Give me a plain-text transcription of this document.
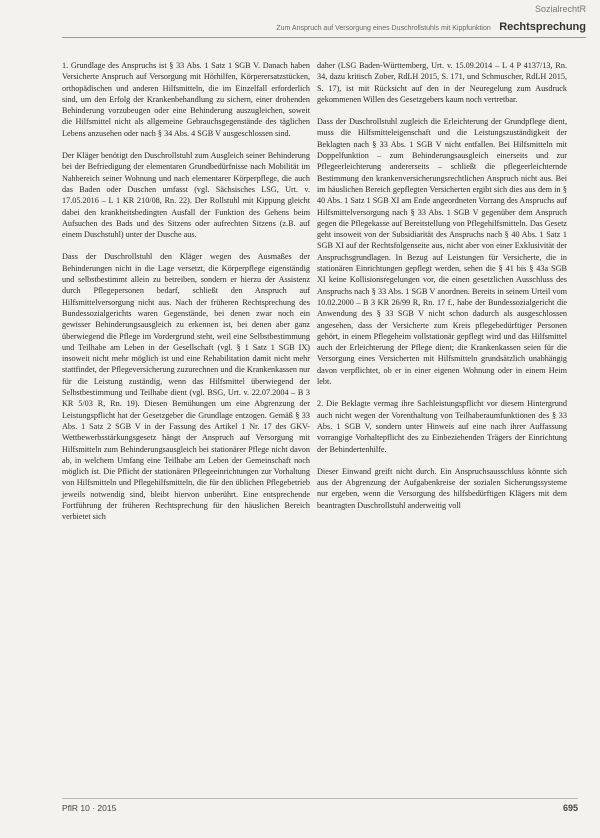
SozialrechtR
Zum Anspruch auf Versorgung eines Duschrollstuhls mit Kippfunktion Rechtsprechung

1. Grundlage des Anspruchs ist § 33 Abs. 1 Satz 1 SGB V. Danach haben Versicherte Anspruch auf Versorgung mit Hörhilfen, Körperersatzstücken, orthopädischen und anderen Hilfsmitteln, die im Einzelfall erforderlich sind, um den Erfolg der Krankenbehandlung zu sichern, einer drohenden Behinderung vorzubeugen oder eine Behinderung auszugleichen, soweit die Hilfsmittel nicht als allgemeine Gebrauchsgegenstände des täglichen Lebens anzusehen oder nach § 34 Abs. 4 SGB V ausgeschlossen sind.

Der Kläger benötigt den Duschrollstuhl zum Ausgleich seiner Behinderung bei der Befriedigung der elementaren Grundbedürfnisse nach Mobilität im Nahbereich seiner Wohnung und nach elementarer Körperpflege, die auch das Baden oder Duschen umfasst (vgl. Sächsisches LSG, Urt. v. 17.05.2016 – L 1 KR 210/08, Rn. 22). Der Rollstuhl mit Kippung gleicht dabei den krankheitsbedingten Ausfall der Funktion des Gehens beim Aufsuchen des Bads und des Sitzens oder aufrechten Sitzens (z.B. auf einem Duschstuhl) unter der Dusche aus.

Dass der Duschrollstuhl den Kläger wegen des Ausmaßes der Behinderungen nicht in die Lage versetzt, die Körperpflege eigenständig und selbstbestimmt allein zu betreiben, sondern er hierzu der Assistenz durch Pflegepersonen bedarf, schließt den Anspruch auf Hilfsmittelversorgung nicht aus. Nach der früheren Rechtsprechung des Bundessozialgerichts waren Gegenstände, bei denen zwar noch ein gewisser Behinderungsausgleich zu erkennen ist, bei denen aber ganz überwiegend die Pflege im Vordergrund steht, weil eine Selbstbestimmung und Teilhabe am Leben in der Gesellschaft (vgl. § 1 Satz 1 SGB IX) insoweit nicht mehr möglich ist und eine Rehabilitation damit nicht mehr stattfindet, der Pflegeversicherung zuzurechnen und die Krankenkassen nur für die Leistung zuständig, wenn das Hilfsmittel überwiegend der Selbstbestimmung und Teilhabe dient (vgl. BSG, Urt. v. 22.07.2004 – B 3 KR 5/03 R, Rn. 19). Diesen Bemühungen um eine Abgrenzung der Leistungspflicht hat der Gesetzgeber die Grundlage entzogen. Gemäß § 33 Abs. 1 Satz 2 SGB V in der Fassung des Artikel 1 Nr. 17 des GKV-Wettbewerbsstärkungsgesetz hängt der Anspruch auf Versorgung mit Hilfsmitteln zum Behinderungsausgleich bei stationärer Pflege nicht davon ab, in welchem Umfang eine Teilhabe am Leben der Gemeinschaft noch möglich ist. Die Pflicht der stationären Pflegeeinrichtungen zur Vorhaltung von Hilfsmitteln und Pflegehilfsmitteln, die für den üblichen Pflegebetrieb jeweils notwendig sind, bleibt hiervon unberührt. Eine entsprechende Fortführung der früheren Rechtsprechung für den häuslichen Bereich verbietet sich

daher (LSG Baden-Württemberg, Urt. v. 15.09.2014 – L 4 P 4137/13, Rn. 34, dazu kritisch Zober, RdLH 2015, S. 171, und Schmuscher, RdLH 2015, S. 17), ist mit Rücksicht auf den in der Neuregelung zum Ausdruck gekommenen Willen des Gesetzgebers kaum noch vertretbar.

Dass der Duschrollstuhl zugleich die Erleichterung der Grundpflege dient, muss die Hilfsmitteleigenschaft und die Leistungszuständigkeit der Beklagten nach § 33 Abs. 1 SGB V nicht entfallen. Bei Hilfsmitteln mit Doppelfunktion – zum Behinderungsausgleich einerseits und zur Pflegeerleichterung andererseits – schließt die pflegeerleichternde Bestimmung den krankenversicherungsrechtlichen Anspruch nicht aus. Bei im häuslichen Bereich gepflegten Versicherten ergibt sich dies aus dem in § 40 Abs. 1 Satz 1 SGB XI am Ende angeordneten Vorrang des Anspruchs auf Hilfsmittelversorgung nach § 33 Abs. 1 SGB V gegenüber dem Anspruch gegen die Pflegekasse auf Bereitstellung von Pflegehilfsmitteln. Das Gesetz geht insoweit von der Subsidiarität des Anspruchs nach § 40 Abs. 1 Satz 1 SGB XI auf der Rechtsfolgenseite aus, nicht aber von einer Exklusivität der Anspruchsgrundlagen. In Bezug auf Leistungen für Versicherte, die in stationären Einrichtungen gepflegt werden, sehen die § 41 bis § 43a SGB XI keine Kollisionsregelungen vor, die einen gesetzlichen Ausschluss des Anspruchs nach § 33 Abs. 1 SGB V anordnen. Bereits in seinem Urteil vom 10.02.2000 – B 3 KR 26/99 R, Rn. 17 f., habe der Bundessozialgericht die Anwendung des § 33 SGB V nicht schon dadurch als ausgeschlossen angesehen, dass der Versicherte zum Kreis pflegebedürftiger Personen gehört, in einem Pflegeheim vollstationär gepflegt wird und das Hilfsmittel auch der Erleichterung der Pflege dient; die Krankenkassen seien für die Versorgung eines Versicherten mit Hilfsmitteln grundsätzlich unabhängig davon verpflichtet, ob er in einer eigenen Wohnung oder in einem Heim lebt.

2. Die Beklagte vermag ihre Sachleistungspflicht vor diesem Hintergrund auch nicht wegen der Vorenthaltung von Teilhaberaumfunktionen des § 33 Abs. 1 SGB V, sondern unter Hinweis auf eine nach ihrer Auffassung vorrangige Vorhaltepflicht des zu Einbeziehenden Trägers der Einrichtung der Behindertenhilfe.

Dieser Einwand greift nicht durch. Ein Anspruchsausschluss könnte sich aus der Abgrenzung der Aufgabenkreise der sozialen Sicherungssysteme nur ergeben, wenn die Versorgung des hilfsbedürftigen Klägers mit dem beantragten Duschrollstuhl anderweitig voll

PflR 10 · 2015	695
